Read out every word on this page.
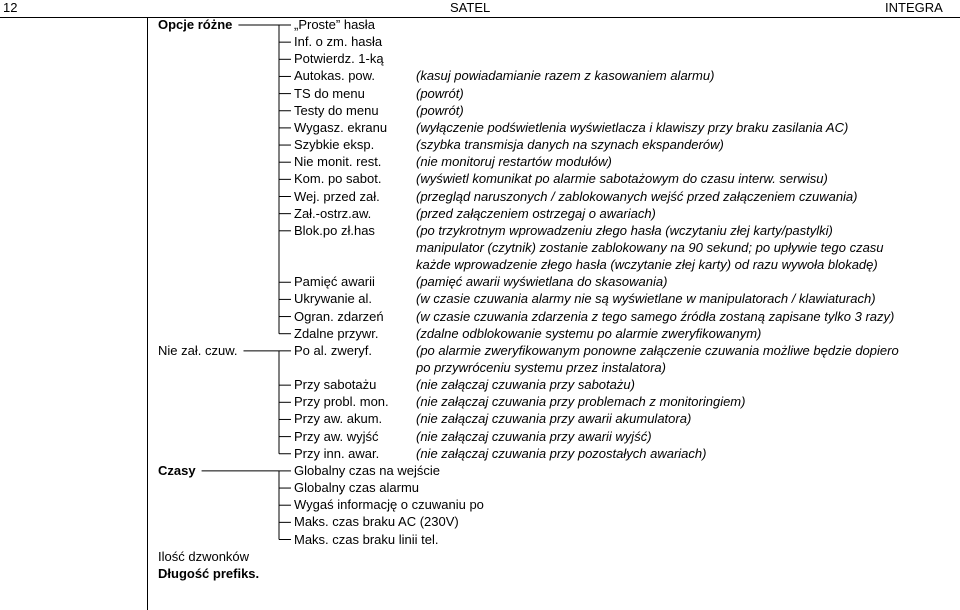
12	SATEL	INTEGRA
Opcje różne	„Proste” hasła
Inf. o zm. hasła
Potwierdz. 1-ką
Autokas. pow.	(kasuj powiadamianie razem z kasowaniem alarmu)
TS do menu	(powrót)
Testy do menu	(powrót)
Wygasz. ekranu (wyłączenie podświetlenia wyświetlacza i klawiszy przy braku zasilania AC)
Szybkie eksp.	(szybka transmisja danych na szynach ekspanderów)
Nie monit. rest.	(nie monitoruj restartów modułów)
Kom. po sabot.	(wyświetl komunikat po alarmie sabotażowym do czasu interw. serwisu)
Wej. przed zał.	(przegląd naruszonych / zablokowanych wejść przed załączeniem czuwania)
Zał.-ostrz.aw.	(przed załączeniem ostrzegaj o awariach)
Blok.po zł.has	(po trzykrotnym wprowadzeniu złego hasła (wczytaniu złej karty/pastylki)
manipulator (czytnik) zostanie zablokowany na 90 sekund; po upływie tego czasu
każde wprowadzenie złego hasła (wczytanie złej karty) od razu wywoła blokadę)
Pamięć awarii	(pamięć awarii wyświetlana do skasowania)
Ukrywanie al.	(w czasie czuwania alarmy nie są wyświetlane w manipulatorach / klawiaturach)
Ogran. zdarzeń (w czasie czuwania zdarzenia z tego samego źródła zostaną zapisane tylko 3 razy)
Zdalne przywr.	(zdalne odblokowanie systemu po alarmie zweryfikowanym)
Nie zał. czuw.	Po al. zweryf.	(po alarmie zweryfikowanym ponowne załączenie czuwania możliwe będzie dopiero
po przywróceniu systemu przez instalatora)
Przy sabotażu	(nie załączaj czuwania przy sabotażu)
Przy probl. mon. (nie załączaj czuwania przy problemach z monitoringiem)
Przy aw. akum.	(nie załączaj czuwania przy awarii akumulatora)
Przy aw. wyjść	(nie załączaj czuwania przy awarii wyjść)
Przy inn. awar.	(nie załączaj czuwania przy pozostałych awariach)
Czasy	Globalny czas na wejście
Globalny czas alarmu
Wygaś informację o czuwaniu po
Maks. czas braku AC (230V)
Maks. czas braku linii tel.
Ilość dzwonków
Długość prefiks.
